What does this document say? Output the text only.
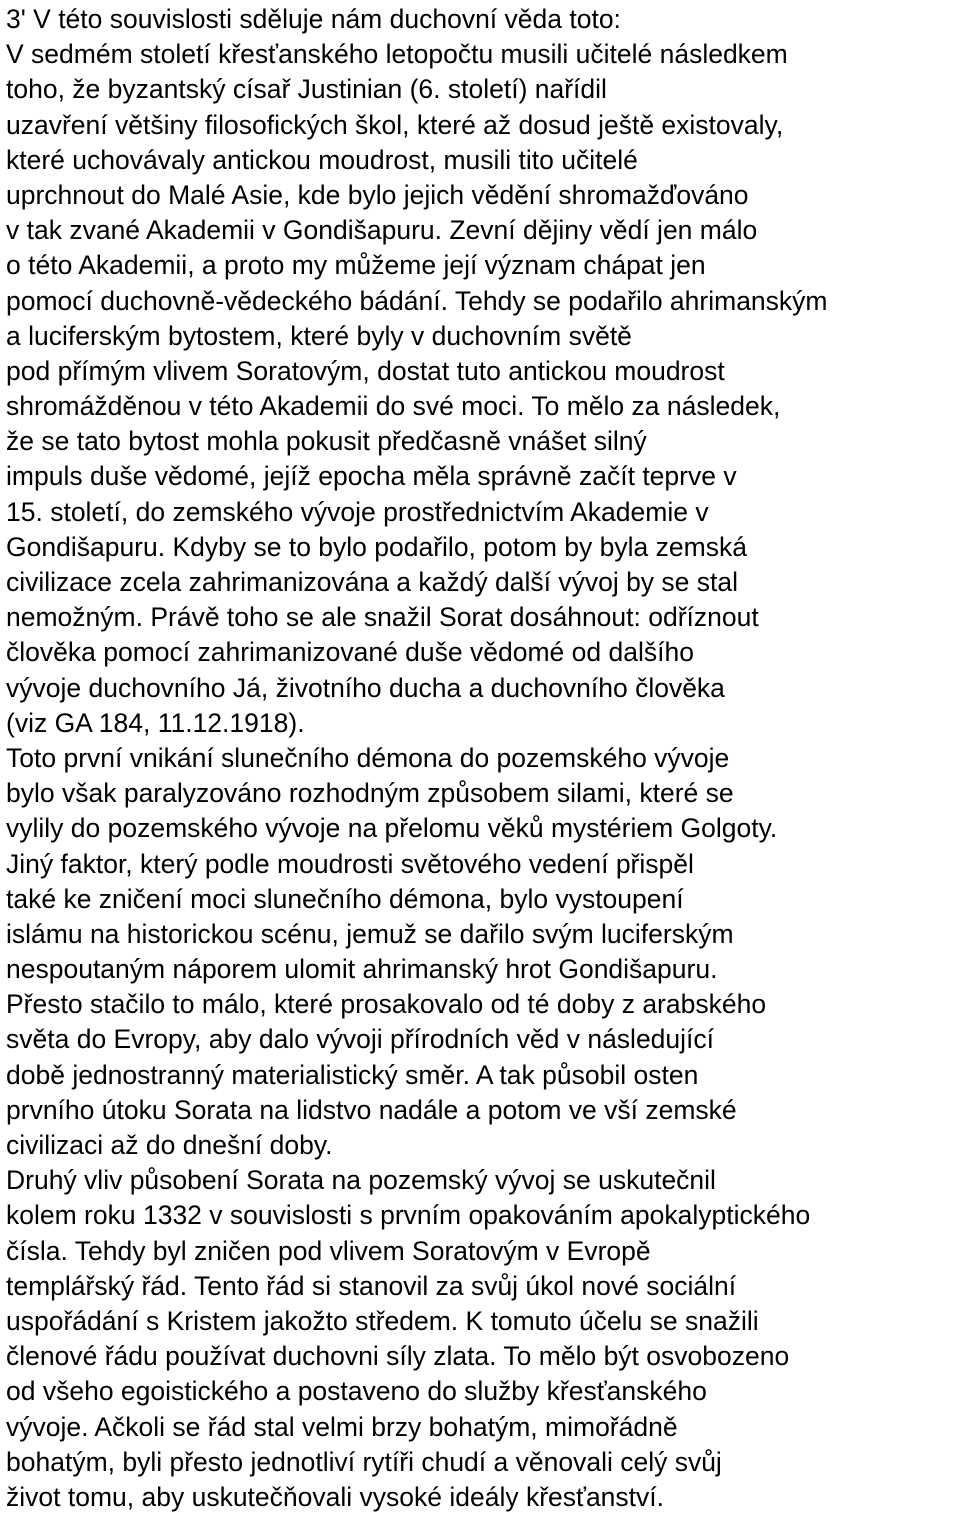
3' V této souvislosti sděluje nám duchovní věda toto:
V sedmém století křesťanského letopočtu musili učitelé následkem
toho, že byzantský císař Justinian (6. století) nařídil
uzavření většiny filosofických škol, které až dosud ještě existovaly,
které uchovávaly antickou moudrost, musili tito učitelé
uprchnout do Malé Asie, kde bylo jejich vědění shromažďováno
v tak zvané Akademii v Gondišapuru. Zevní dějiny vědí jen málo
o této Akademii, a proto my můžeme její význam chápat jen
pomocí duchovně-vědeckého bádání. Tehdy se podařilo ahrimanským
a luciferským bytostem, které byly v duchovním světě
pod přímým vlivem Soratovým, dostat tuto antickou moudrost
shromážděnou v této Akademii do své moci. To mělo za následek,
že se tato bytost mohla pokusit předčasně vnášet silný
impuls duše vědomé, jejíž epocha měla správně začít teprve v
15. století, do zemského vývoje prostřednictvím Akademie v
Gondišapuru. Kdyby se to bylo podařilo, potom by byla zemská
civilizace zcela zahrimanizována a každý další vývoj by se stal
nemožným. Právě toho se ale snažil Sorat dosáhnout: odříznout
člověka pomocí zahrimanizované duše vědomé od dalšího
vývoje duchovního Já, životního ducha a duchovního člověka
(viz GA 184, 11.12.1918).
Toto první vnikání slunečního démona do pozemského vývoje
bylo však paralyzováno rozhodným způsobem silami, které se
vylily do pozemského vývoje na přelomu věků mystériem Golgoty.
Jiný faktor, který podle moudrosti světového vedení přispěl
také ke zničení moci slunečního démona, bylo vystoupení
islámu na historickou scénu, jemuž se dařilo svým luciferským
nespoutaným náporem ulomit ahrimanský hrot Gondišapuru.
Přesto stačilo to málo, které prosakovalo od té doby z arabského
světa do Evropy, aby dalo vývoji přírodních věd v následující
době jednostranný materialistický směr. A tak působil osten
prvního útoku Sorata na lidstvo nadále a potom ve vší zemské
civilizaci až do dnešní doby.
Druhý vliv působení Sorata na pozemský vývoj se uskutečnil
kolem roku 1332 v souvislosti s prvním opakováním apokalyptického
čísla. Tehdy byl zničen pod vlivem Soratovým v Evropě
templářský řád. Tento řád si stanovil za svůj úkol nové sociální
uspořádání s Kristem jakožto středem. K tomuto účelu se snažili
členové řádu používat duchovni síly zlata. To mělo být osvobozeno
od všeho egoistického a postaveno do služby křesťanského
vývoje. Ačkoli se řád stal velmi brzy bohatým, mimořádně
bohatým, byli přesto jednotliví rytíři chudí a věnovali celý svůj
život tomu, aby uskutečňovali vysoké ideály křesťanství.
